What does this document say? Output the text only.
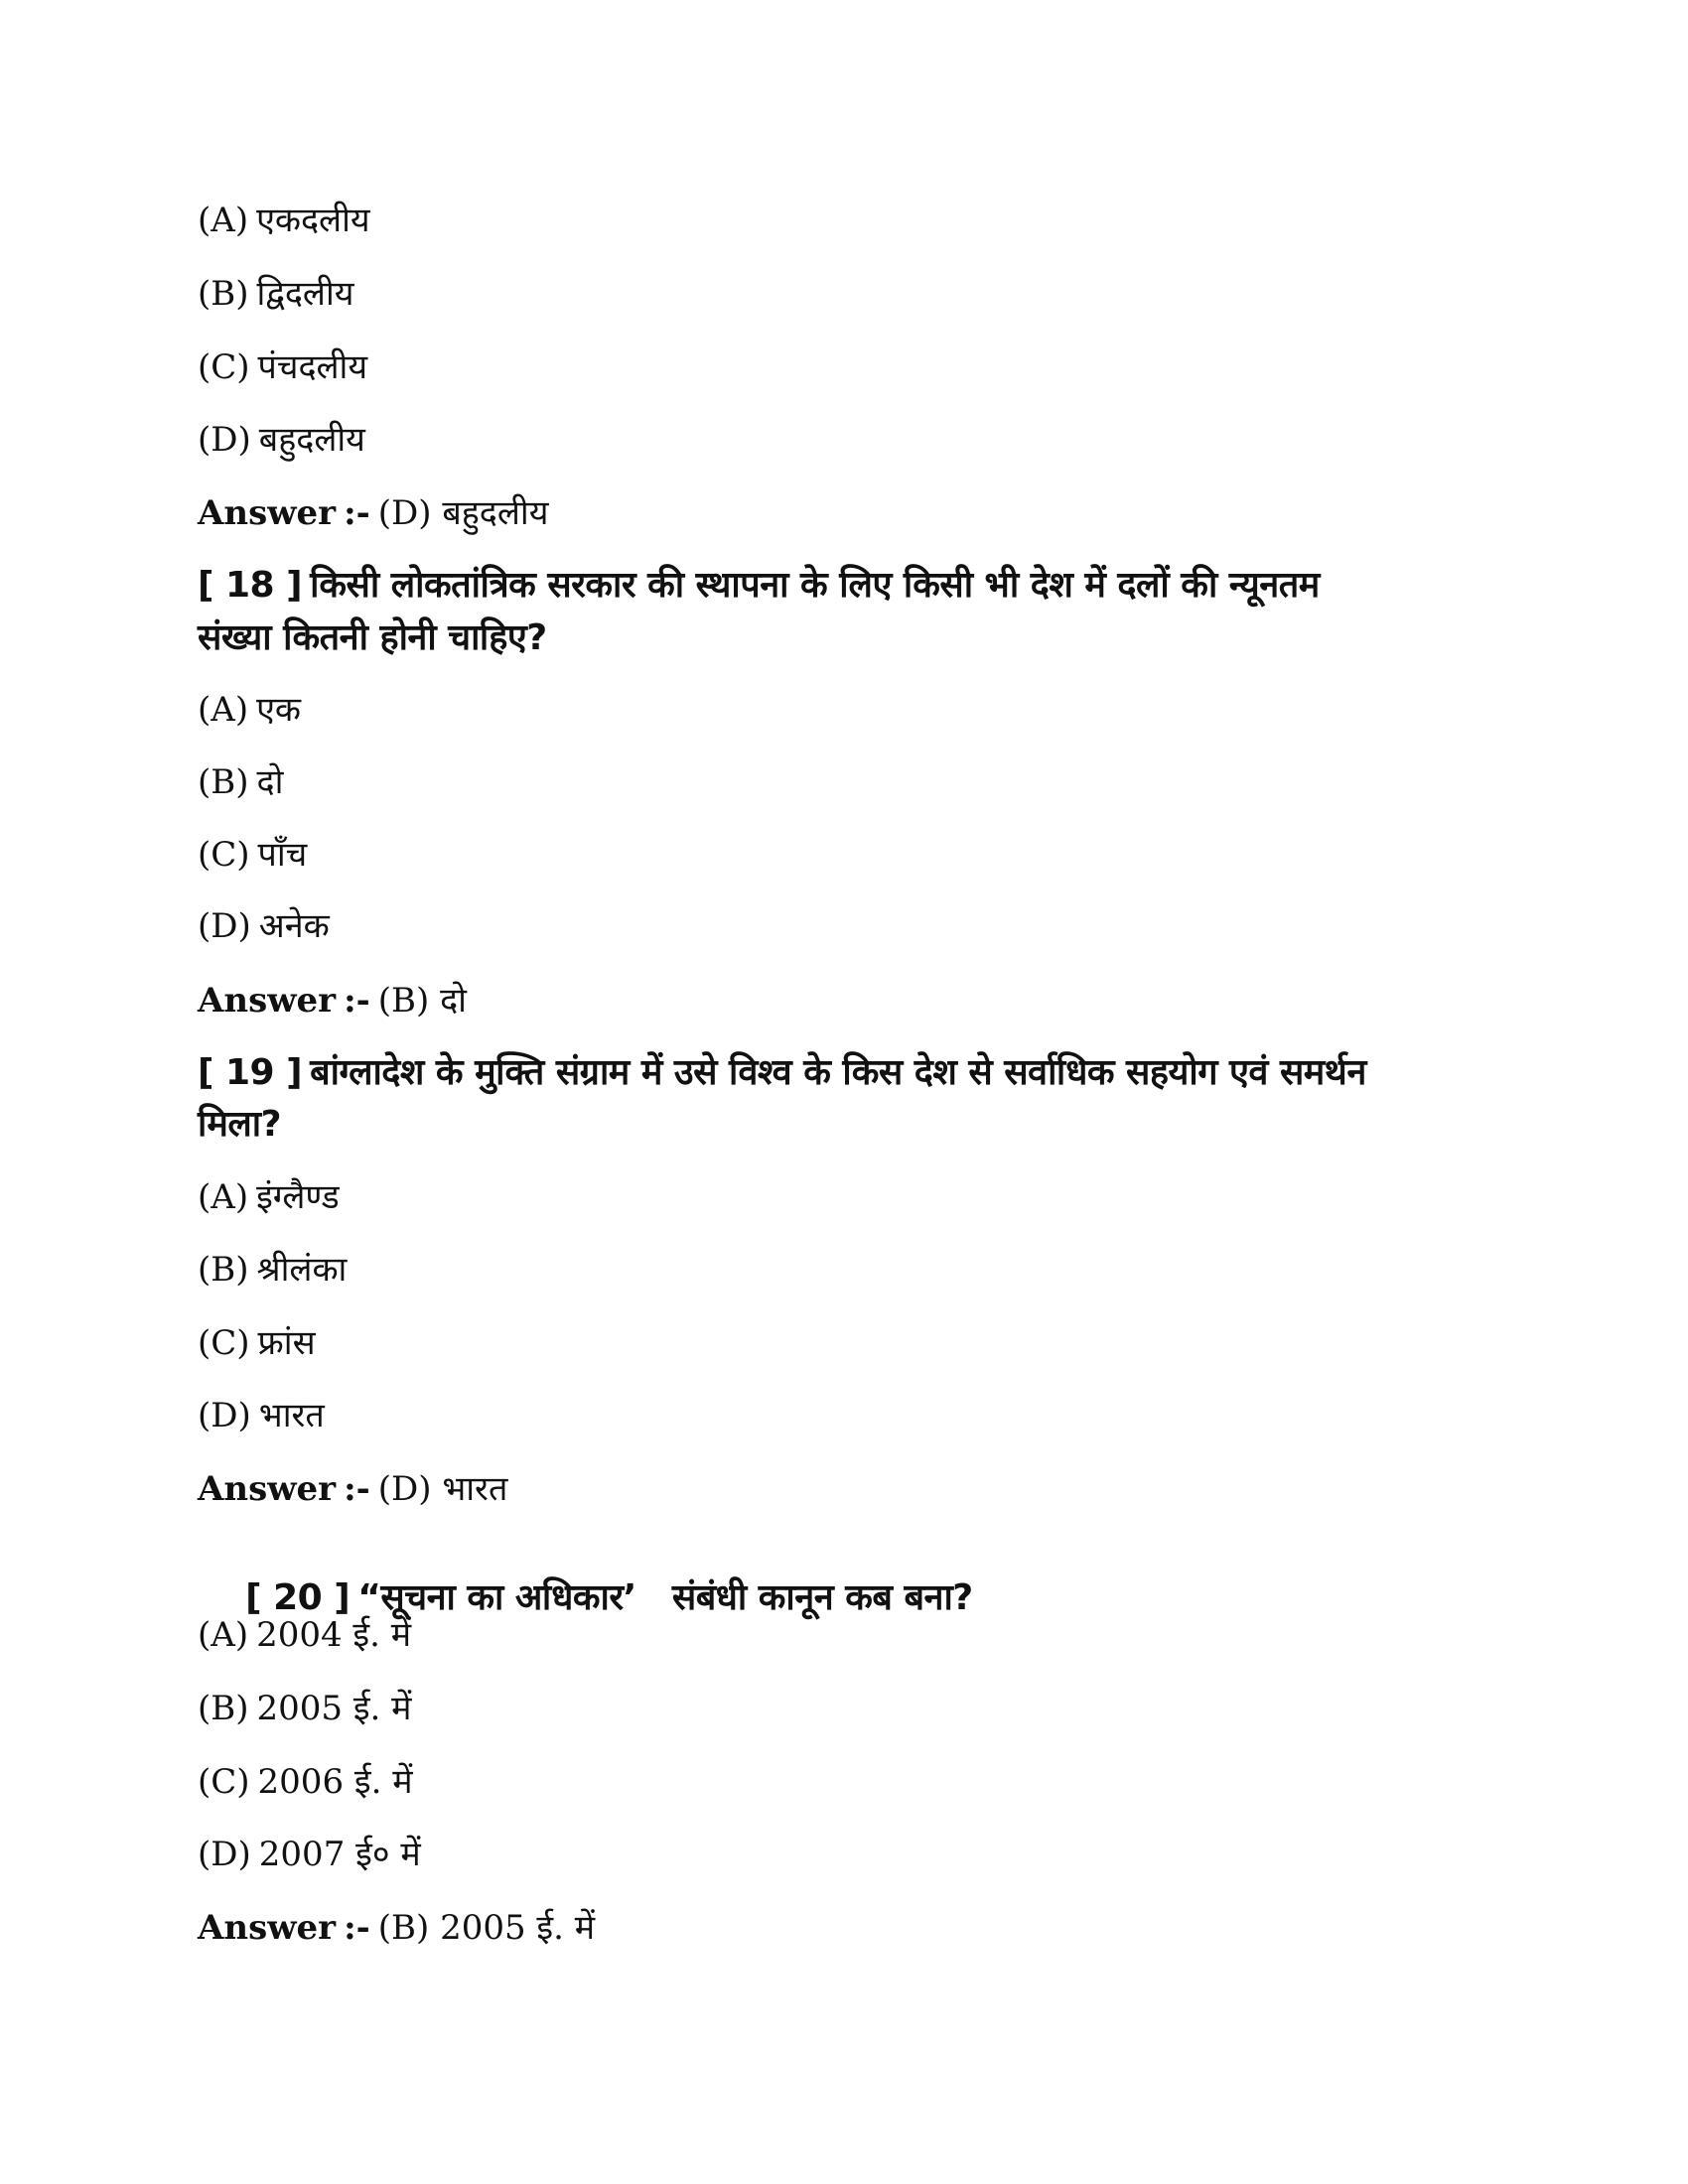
(A) एकदलीय
(B) द्विदलीय
(C) पंचदलीय
(D) बहुदलीय
Answer :- (D) बहुदलीय
[ 18 ] किसी लोकतांत्रिक सरकार की स्थापना के लिए किसी भी देश में दलों की न्यूनतम
संख्या कितनी होनी चाहिए?
(A) एक
(B) दो
(C) पाँच
(D) अनेक
Answer :- (B) दो
[ 19 ] बांग्लादेश के मुक्ति संग्राम में उसे विश्व के किस देश से सर्वाधिक सहयोग एवं समर्थन
मिला?
(A) इंग्लैण्ड
(B) श्रीलंका
(C) फ्रांस
(D) भारत
Answer :- (D) भारत

[ 20 ] “सूचना का अधिकार’   संबंधी कानून कब बना?

(A) 2004 ई. में
(B) 2005 ई. में
(C) 2006 ई. में
(D) 2007 ई० में
Answer :- (B) 2005 ई. में
